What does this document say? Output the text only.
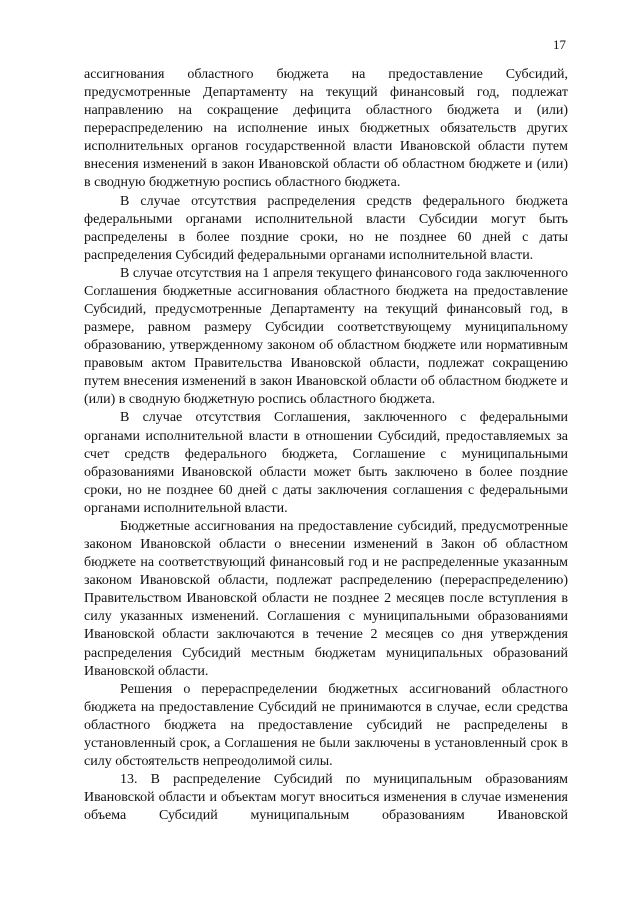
17

ассигнования областного бюджета на предоставление Субсидий, предусмотренные Департаменту на текущий финансовый год, подлежат направлению на сокращение дефицита областного бюджета и (или) перераспределению на исполнение иных бюджетных обязательств других исполнительных органов государственной власти Ивановской области путем внесения изменений в закон Ивановской области об областном бюджете и (или) в сводную бюджетную роспись областного бюджета.

В случае отсутствия распределения средств федерального бюджета федеральными органами исполнительной власти Субсидии могут быть распределены в более поздние сроки, но не позднее 60 дней с даты распределения Субсидий федеральными органами исполнительной власти.

В случае отсутствия на 1 апреля текущего финансового года заключенного Соглашения бюджетные ассигнования областного бюджета на предоставление Субсидий, предусмотренные Департаменту на текущий финансовый год, в размере, равном размеру Субсидии соответствующему муниципальному образованию, утвержденному законом об областном бюджете или нормативным правовым актом Правительства Ивановской области, подлежат сокращению путем внесения изменений в закон Ивановской области об областном бюджете и (или) в сводную бюджетную роспись областного бюджета.

В случае отсутствия Соглашения, заключенного с федеральными органами исполнительной власти в отношении Субсидий, предоставляемых за счет средств федерального бюджета, Соглашение с муниципальными образованиями Ивановской области может быть заключено в более поздние сроки, но не позднее 60 дней с даты заключения соглашения с федеральными органами исполнительной власти.

Бюджетные ассигнования на предоставление субсидий, предусмотренные законом Ивановской области о внесении изменений в Закон об областном бюджете на соответствующий финансовый год и не распределенные указанным законом Ивановской области, подлежат распределению (перераспределению) Правительством Ивановской области не позднее 2 месяцев после вступления в силу указанных изменений. Соглашения с муниципальными образованиями Ивановской области заключаются в течение 2 месяцев со дня утверждения распределения Субсидий местным бюджетам муниципальных образований Ивановской области.

Решения о перераспределении бюджетных ассигнований областного бюджета на предоставление Субсидий не принимаются в случае, если средства областного бюджета на предоставление субсидий не распределены в установленный срок, а Соглашения не были заключены в установленный срок в силу обстоятельств непреодолимой силы.

13. В распределение Субсидий по муниципальным образованиям Ивановской области и объектам могут вноситься изменения в случае изменения объема Субсидий муниципальным образованиям Ивановской
